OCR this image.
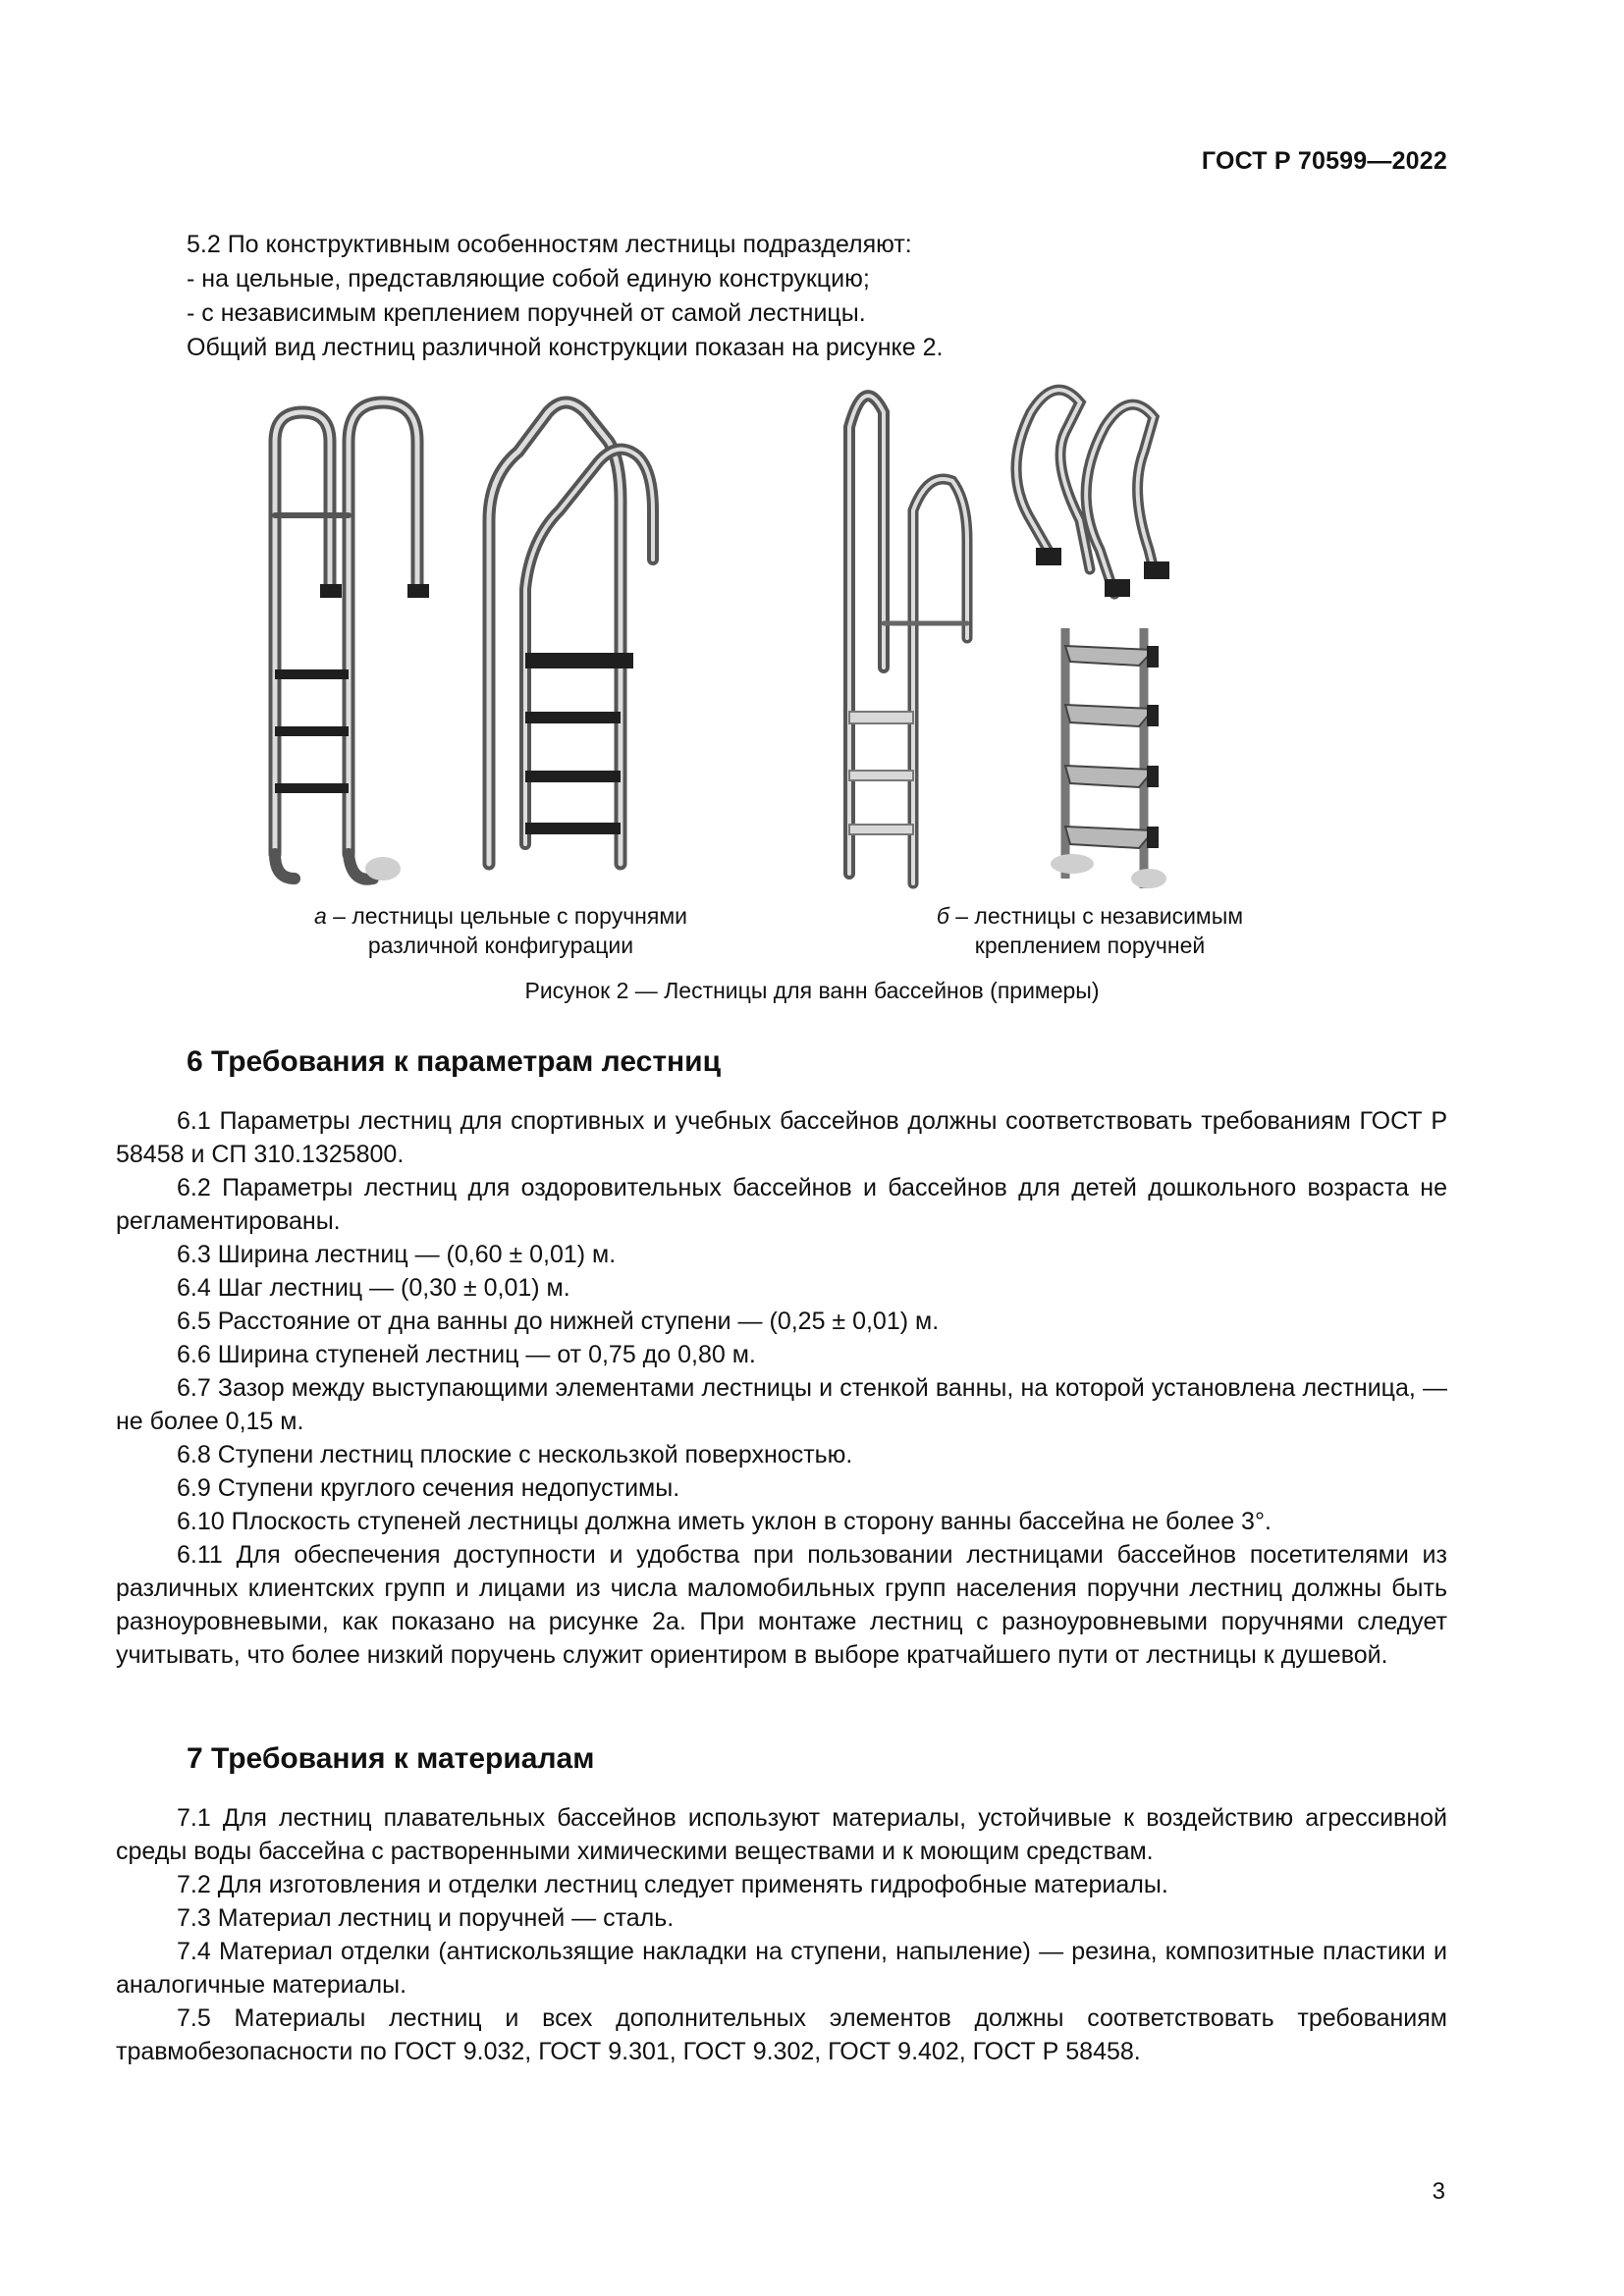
ГОСТ Р 70599—2022
5.2 По конструктивным особенностям лестницы подразделяют:
- на цельные, представляющие собой единую конструкцию;
- с независимым креплением поручней от самой лестницы.
Общий вид лестниц различной конструкции показан на рисунке 2.
а – лестницы цельные с поручнями
различной конфигурации
б – лестницы с независимым
креплением поручней
Рисунок 2 — Лестницы для ванн бассейнов (примеры)
6 Требования к параметрам лестниц

6.1 Параметры лестниц для спортивных и учебных бассейнов должны соответствовать требованиям ГОСТ Р 58458 и СП 310.1325800.

6.2 Параметры лестниц для оздоровительных бассейнов и бассейнов для детей дошкольного возраста не регламентированы.

6.3 Ширина лестниц — (0,60 ± 0,01) м.

6.4 Шаг лестниц — (0,30 ± 0,01) м.

6.5 Расстояние от дна ванны до нижней ступени — (0,25 ± 0,01) м.

6.6 Ширина ступеней лестниц — от 0,75 до 0,80 м.

6.7 Зазор между выступающими элементами лестницы и стенкой ванны, на которой установлена лестница, — не более 0,15 м.

6.8 Ступени лестниц плоские с нескользкой поверхностью.

6.9 Ступени круглого сечения недопустимы.

6.10 Плоскость ступеней лестницы должна иметь уклон в сторону ванны бассейна не более 3°.

6.11 Для обеспечения доступности и удобства при пользовании лестницами бассейнов посетителями из различных клиентских групп и лицами из числа маломобильных групп населения поручни лестниц должны быть разноуровневыми, как показано на рисунке 2а. При монтаже лестниц с разноуровневыми поручнями следует учитывать, что более низкий поручень служит ориентиром в выборе кратчайшего пути от лестницы к душевой.

7 Требования к материалам

7.1 Для лестниц плавательных бассейнов используют материалы, устойчивые к воздействию агрессивной среды воды бассейна с растворенными химическими веществами и к моющим средствам.

7.2 Для изготовления и отделки лестниц следует применять гидрофобные материалы.

7.3 Материал лестниц и поручней — сталь.

7.4 Материал отделки (антискользящие накладки на ступени, напыление) — резина, композитные пластики и аналогичные материалы.

7.5 Материалы лестниц и всех дополнительных элементов должны соответствовать требованиям травмобезопасности по ГОСТ 9.032, ГОСТ 9.301, ГОСТ 9.302, ГОСТ 9.402, ГОСТ Р 58458.

3
